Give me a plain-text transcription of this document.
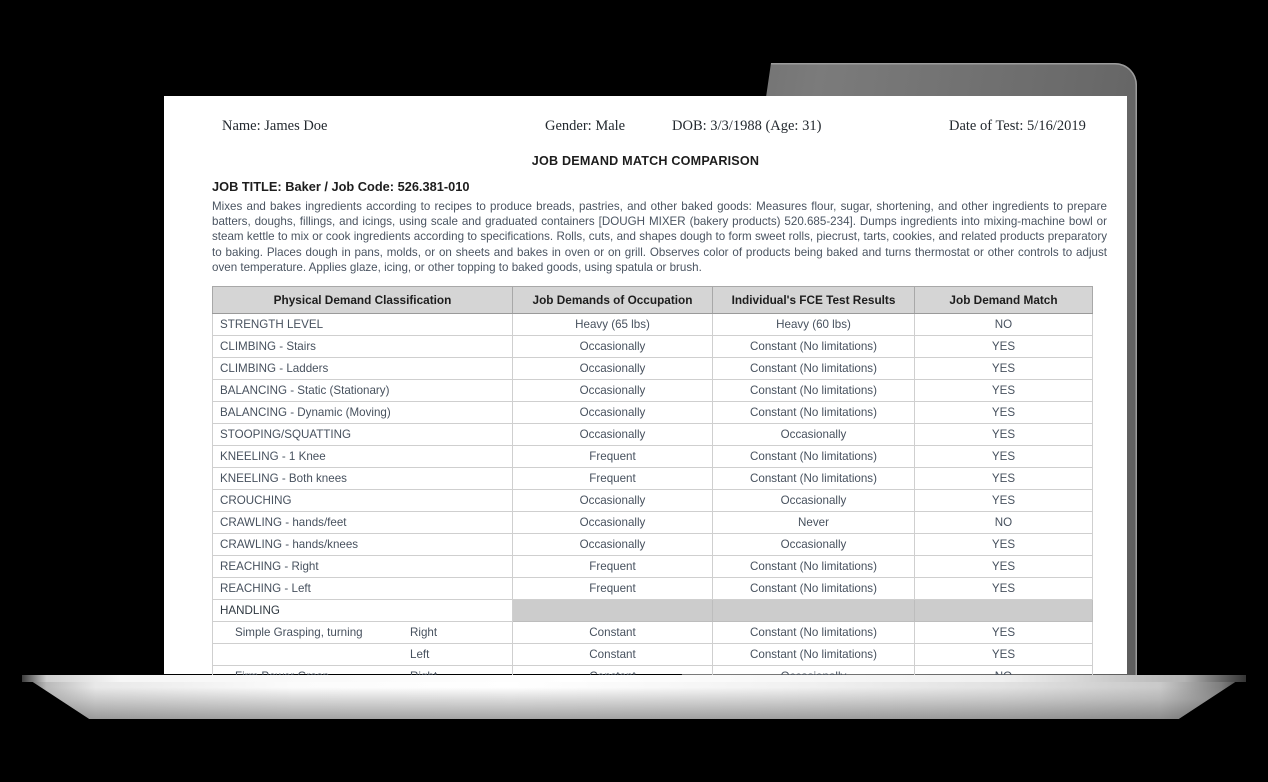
Name: James Doe	Gender: Male	DOB: 3/3/1988 (Age: 31)	Date of Test: 5/16/2019
JOB DEMAND MATCH COMPARISON
JOB TITLE: Baker / Job Code: 526.381-010
Mixes and bakes ingredients according to recipes to produce breads, pastries, and other baked goods: Measures flour, sugar, shortening, and other ingredients to prepare batters, doughs, fillings, and icings, using scale and graduated containers [DOUGH MIXER (bakery products) 520.685-234]. Dumps ingredients into mixing-machine bowl or steam kettle to mix or cook ingredients according to specifications. Rolls, cuts, and shapes dough to form sweet rolls, piecrust, tarts, cookies, and related products preparatory to baking. Places dough in pans, molds, or on sheets and bakes in oven or on grill. Observes color of products being baked and turns thermostat or other controls to adjust oven temperature. Applies glaze, icing, or other topping to baked goods, using spatula or brush.
Physical Demand Classification	Job Demands of Occupation	Individual's FCE Test Results	Job Demand Match
STRENGTH LEVEL	Heavy (65 lbs)	Heavy (60 lbs)	NO
CLIMBING - Stairs	Occasionally	Constant (No limitations)	YES
CLIMBING - Ladders	Occasionally	Constant (No limitations)	YES
BALANCING - Static (Stationary)	Occasionally	Constant (No limitations)	YES
BALANCING - Dynamic (Moving)	Occasionally	Constant (No limitations)	YES
STOOPING/SQUATTING	Occasionally	Occasionally	YES
KNEELING - 1 Knee	Frequent	Constant (No limitations)	YES
KNEELING - Both knees	Frequent	Constant (No limitations)	YES
CROUCHING	Occasionally	Occasionally	YES
CRAWLING - hands/feet	Occasionally	Never	NO
CRAWLING - hands/knees	Occasionally	Occasionally	YES
REACHING - Right	Frequent	Constant (No limitations)	YES
REACHING - Left	Frequent	Constant (No limitations)	YES
HANDLING			
Simple Grasping, turning Right	Constant	Constant (No limitations)	YES

Left	Constant	Constant (No limitations)	YES
